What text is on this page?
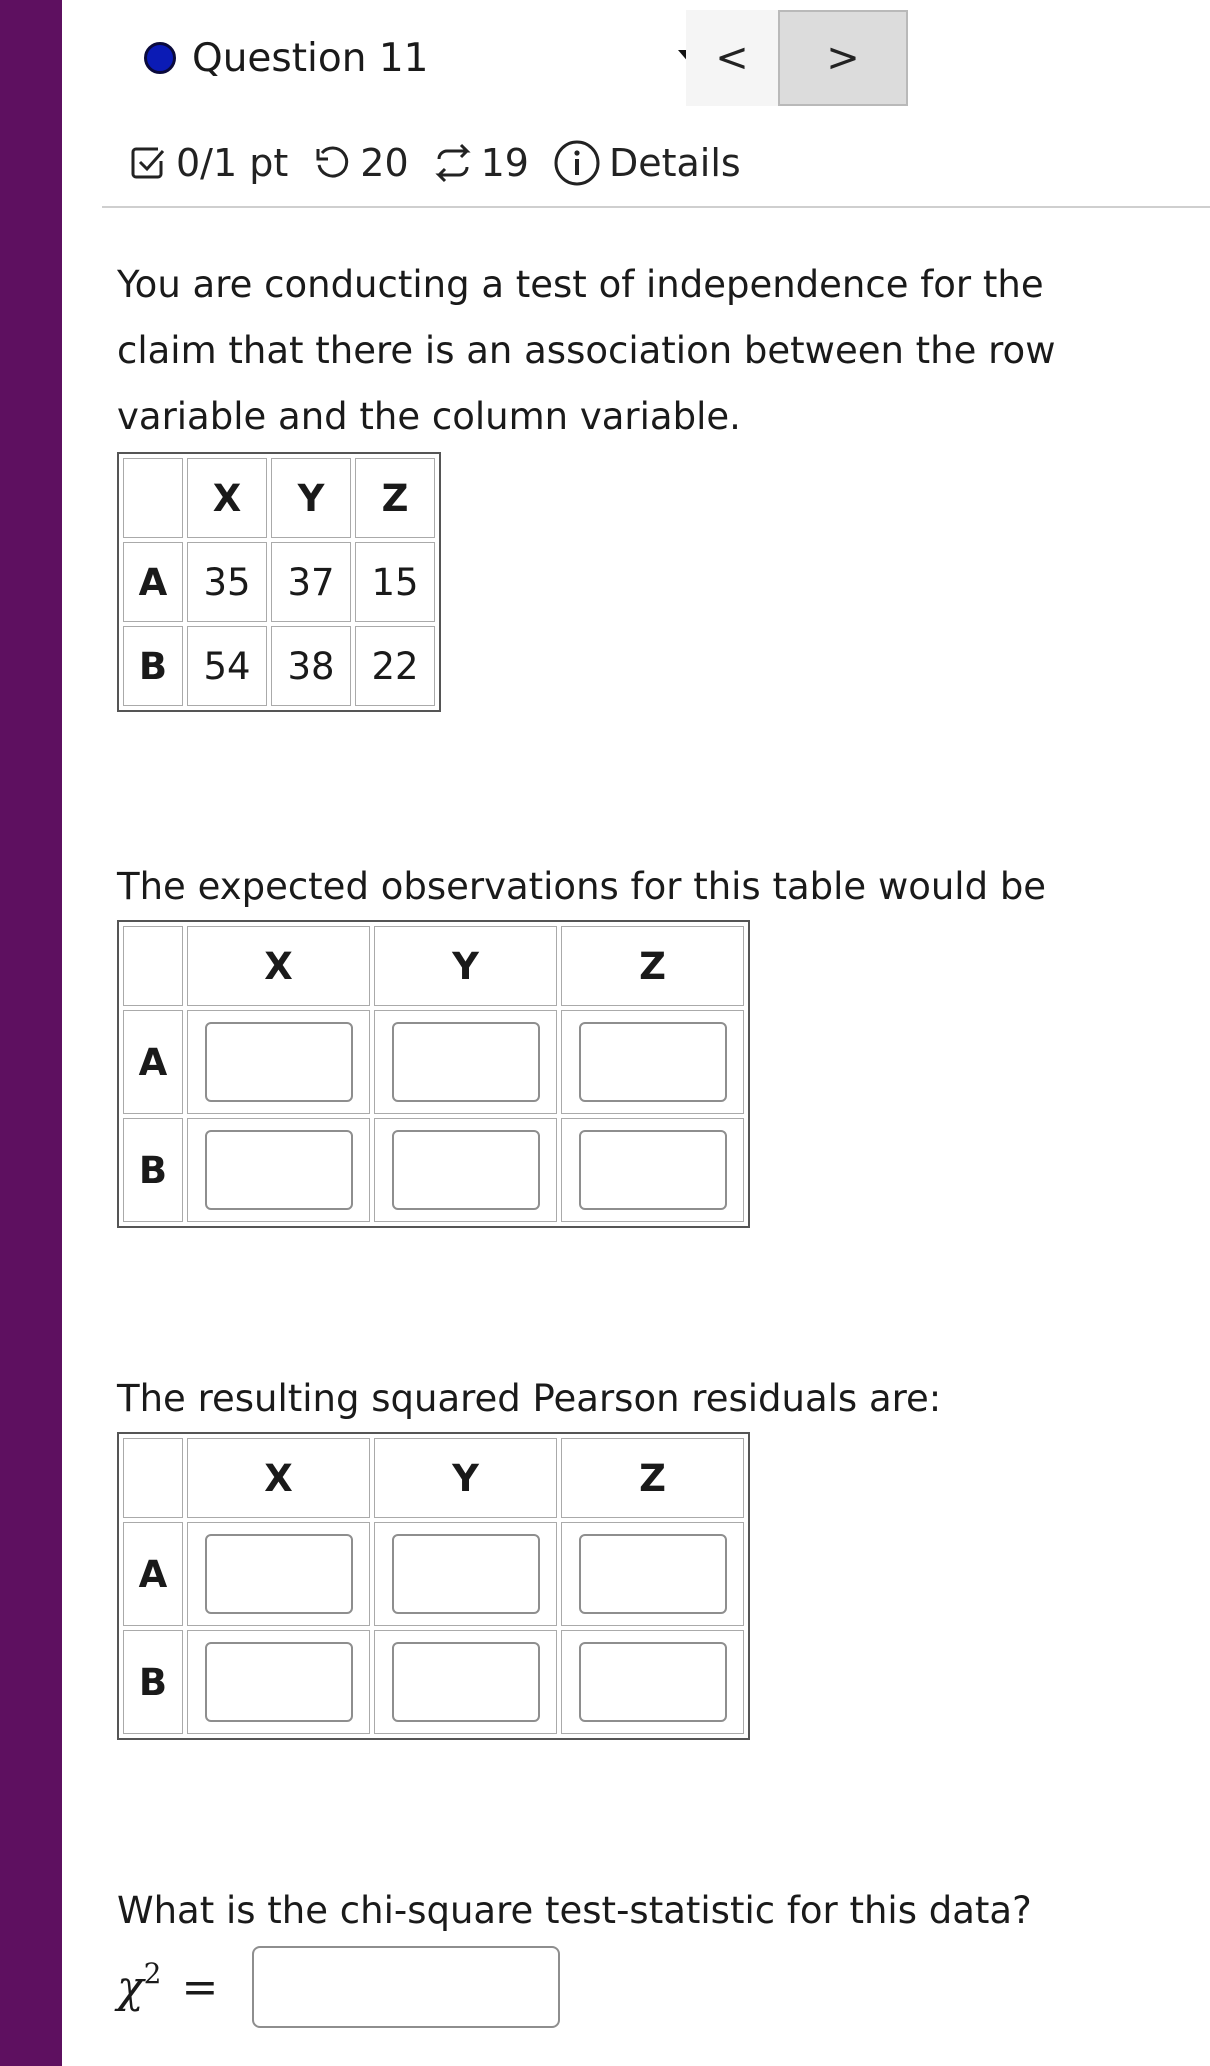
Question 11	< >
0/1 pt 20 19 Details
You are conducting a test of independence for the claim that there is an association between the row variable and the column variable.
	X	Y	Z
A	35	37	15
B	54	38	22
The expected observations for this table would be
	X	Y	Z
A	

B	

The resulting squared Pearson residuals are:
	X	Y	Z
A	

B	

What is the chi-square test-statistic for this data?
$\chi^2$ =
